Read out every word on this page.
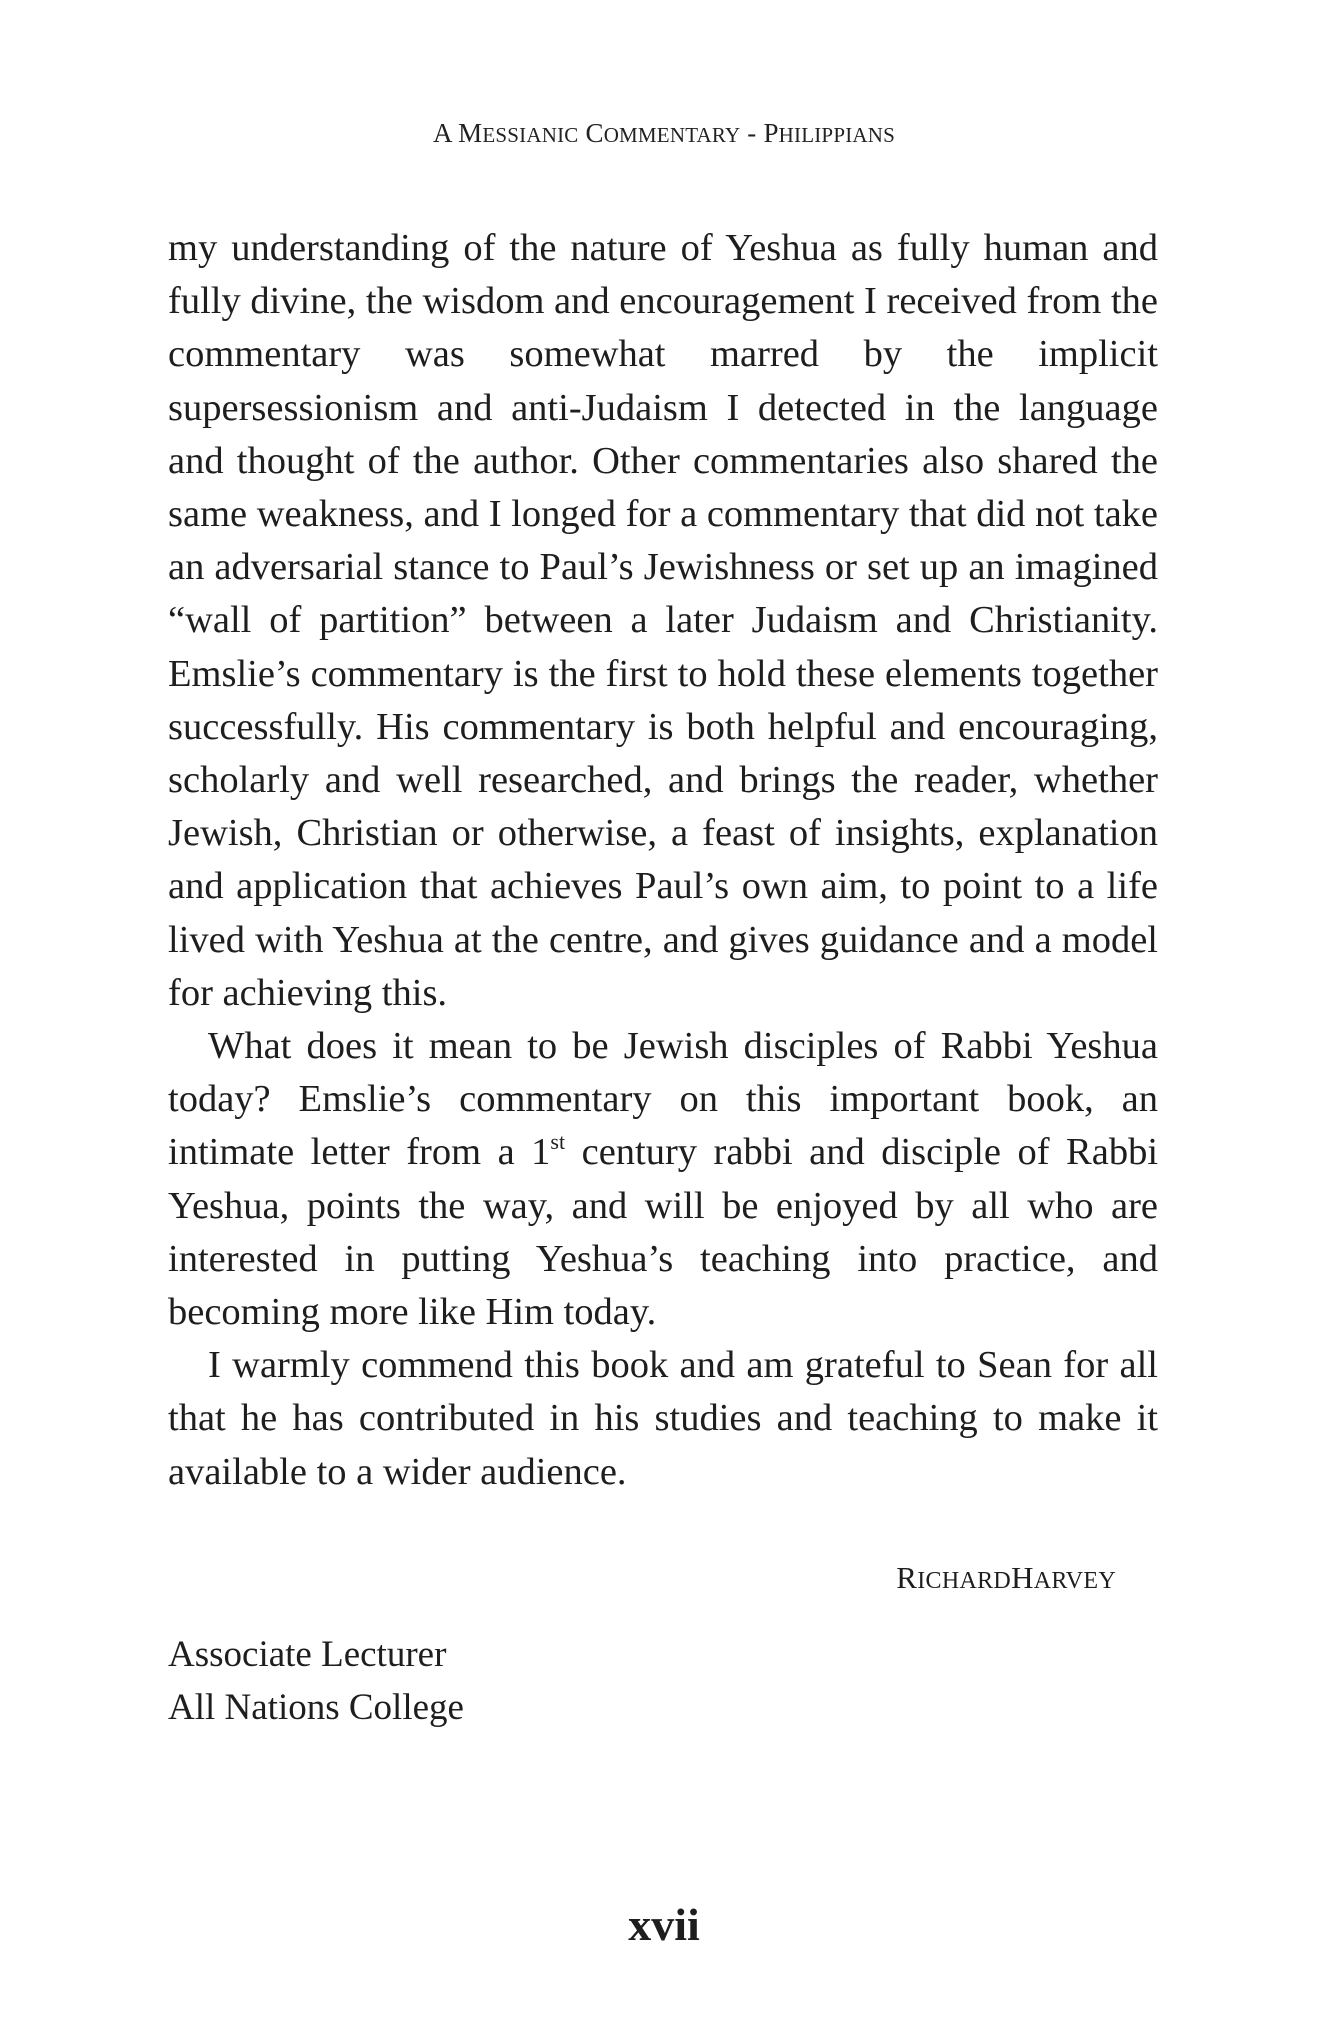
A MESSIANIC COMMENTARY - PHILIPPIANS

my understanding of the nature of Yeshua as fully human and fully divine, the wisdom and encouragement I received from the commentary was somewhat marred by the implicit supersessionism and anti-Judaism I detected in the language and thought of the author. Other commentaries also shared the same weakness, and I longed for a commentary that did not take an adversarial stance to Paul’s Jewishness or set up an imagined “wall of partition” between a later Judaism and Christianity. Emslie’s commentary is the first to hold these elements together successfully. His commentary is both helpful and encouraging, scholarly and well researched, and brings the reader, whether Jewish, Christian or otherwise, a feast of insights, explanation and application that achieves Paul’s own aim, to point to a life lived with Yeshua at the centre, and gives guidance and a model for achieving this.

What does it mean to be Jewish disciples of Rabbi Yeshua today? Emslie’s commentary on this important book, an intimate letter from a 1st century rabbi and disciple of Rabbi Yeshua, points the way, and will be enjoyed by all who are interested in putting Yeshua’s teaching into practice, and becoming more like Him today.

I warmly commend this book and am grateful to Sean for all that he has contributed in his studies and teaching to make it available to a wider audience.

RICHARDHARVEY
Associate Lecturer
All Nations College
xvii
